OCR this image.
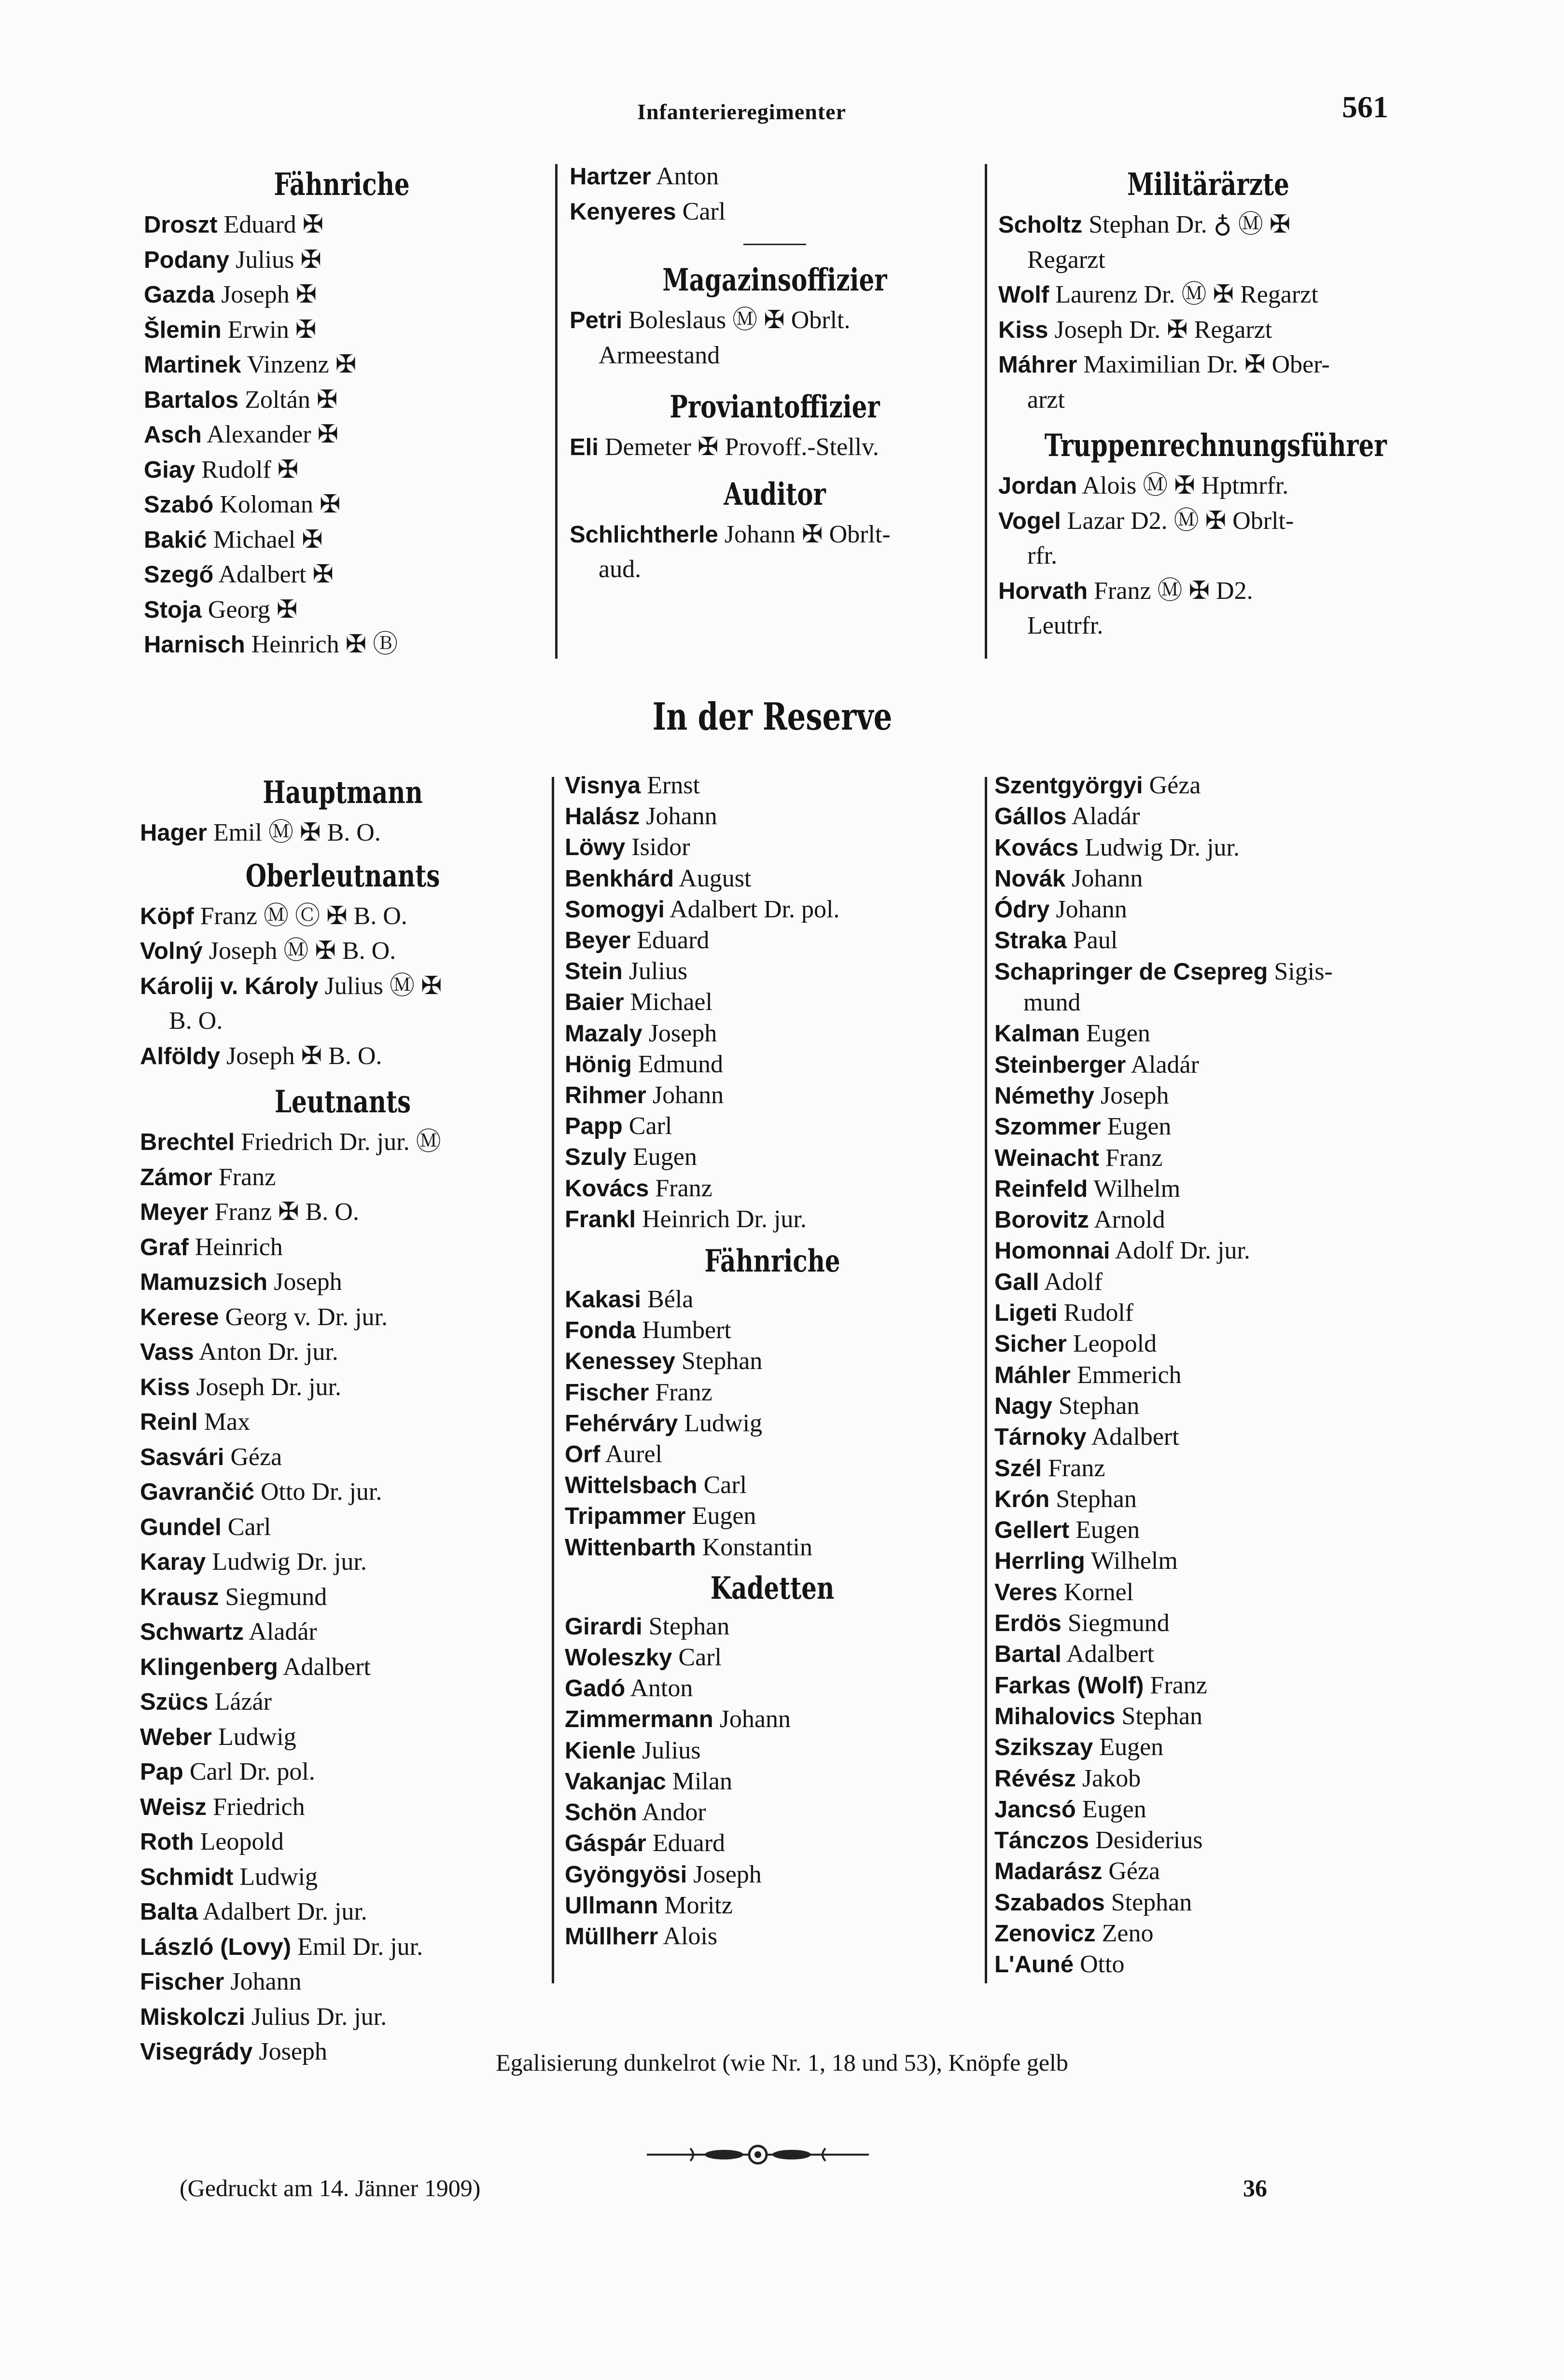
Infanterieregimenter	561
Fähnriche
Droszt Eduard ✠
Podany Julius ✠
Gazda Joseph ✠
Šlemin Erwin ✠
Martinek Vinzenz ✠
Bartalos Zoltán ✠
Asch Alexander ✠
Giay Rudolf ✠
Szabó Koloman ✠
Bakić Michael ✠
Szegő Adalbert ✠
Stoja Georg ✠
Harnisch Heinrich ✠ Ⓑ
Hartzer Anton
Kenyeres Carl
Magazinsoffizier
Petri Boleslaus Ⓜ ✠ Obrlt.
Armeestand
Proviantoffizier
Eli Demeter ✠ Provoff.-Stellv.
Auditor
Schlichtherle Johann ✠ Obrlt-
aud.
Militärärzte
Scholtz Stephan Dr. ♁ Ⓜ ✠
Regarzt
Wolf Laurenz Dr. Ⓜ ✠ Regarzt
Kiss Joseph Dr. ✠ Regarzt
Máhrer Maximilian Dr. ✠ Ober-
arzt
Truppenrechnungsführer
Jordan Alois Ⓜ ✠ Hptmrfr.
Vogel Lazar D2. Ⓜ ✠ Obrlt-
rfr.
Horvath Franz Ⓜ ✠ D2.
Leutrfr.
In der Reserve
Hauptmann
Hager Emil Ⓜ ✠ B. O.
Oberleutnants
Köpf Franz Ⓜ Ⓒ ✠ B. O.
Volný Joseph Ⓜ ✠ B. O.
Károlij v. Károly Julius Ⓜ ✠
B. O.
Alföldy Joseph ✠ B. O.
Leutnants
Brechtel Friedrich Dr. jur. Ⓜ
Zámor Franz
Meyer Franz ✠ B. O.
Graf Heinrich
Mamuzsich Joseph
Kerese Georg v. Dr. jur.
Vass Anton Dr. jur.
Kiss Joseph Dr. jur.
Reinl Max
Sasvári Géza
Gavrančić Otto Dr. jur.
Gundel Carl
Karay Ludwig Dr. jur.
Krausz Siegmund
Schwartz Aladár
Klingenberg Adalbert
Szücs Lázár
Weber Ludwig
Pap Carl Dr. pol.
Weisz Friedrich
Roth Leopold
Schmidt Ludwig
Balta Adalbert Dr. jur.
László (Lovy) Emil Dr. jur.
Fischer Johann
Miskolczi Julius Dr. jur.
Visegrády Joseph
Visnya Ernst
Halász Johann
Löwy Isidor
Benkhárd August
Somogyi Adalbert Dr. pol.
Beyer Eduard
Stein Julius
Baier Michael
Mazaly Joseph
Hönig Edmund
Rihmer Johann
Papp Carl
Szuly Eugen
Kovács Franz
Frankl Heinrich Dr. jur.
Fähnriche
Kakasi Béla
Fonda Humbert
Kenessey Stephan
Fischer Franz
Fehérváry Ludwig
Orf Aurel
Wittelsbach Carl
Tripammer Eugen
Wittenbarth Konstantin
Kadetten
Girardi Stephan
Woleszky Carl
Gadó Anton
Zimmermann Johann
Kienle Julius
Vakanjac Milan
Schön Andor
Gáspár Eduard
Gyöngyösi Joseph
Ullmann Moritz
Müllherr Alois
Szentgyörgyi Géza
Gállos Aladár
Kovács Ludwig Dr. jur.
Novák Johann
Ódry Johann
Straka Paul
Schapringer de Csepreg Sigis-
mund
Kalman Eugen
Steinberger Aladár
Némethy Joseph
Szommer Eugen
Weinacht Franz
Reinfeld Wilhelm
Borovitz Arnold
Homonnai Adolf Dr. jur.
Gall Adolf
Ligeti Rudolf
Sicher Leopold
Máhler Emmerich
Nagy Stephan
Tárnoky Adalbert
Szél Franz
Krón Stephan
Gellert Eugen
Herrling Wilhelm
Veres Kornel
Erdös Siegmund
Bartal Adalbert
Farkas (Wolf) Franz
Mihalovics Stephan
Szikszay Eugen
Révész Jakob
Jancsó Eugen
Tánczos Desiderius
Madarász Géza
Szabados Stephan
Zenovicz Zeno
L'Auné Otto
Egalisierung dunkelrot (wie Nr. 1, 18 und 53), Knöpfe gelb
(Gedruckt am 14. Jänner 1909)	36
